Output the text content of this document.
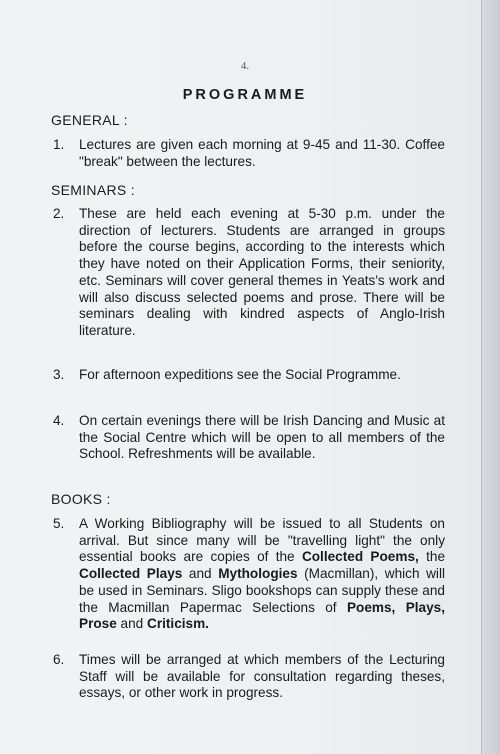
4.
PROGRAMME
GENERAL :
1. Lectures are given each morning at 9-45 and 11-30. Coffee "break" between the lectures.
SEMINARS :
2. These are held each evening at 5-30 p.m. under the direction of lecturers. Students are arranged in groups before the course begins, according to the interests which they have noted on their Application Forms, their seniority, etc. Seminars will cover general themes in Yeats's work and will also discuss selected poems and prose. There will be seminars dealing with kindred aspects of Anglo-Irish literature.
3. For afternoon expeditions see the Social Programme.
4. On certain evenings there will be Irish Dancing and Music at the Social Centre which will be open to all members of the School. Refreshments will be available.
BOOKS :
5. A Working Bibliography will be issued to all Students on arrival. But since many will be "travelling light" the only essential books are copies of the Collected Poems, the Collected Plays and Mythologies (Macmillan), which will be used in Seminars. Sligo bookshops can supply these and the Macmillan Papermac Selections of Poems, Plays, Prose and Criticism.
6. Times will be arranged at which members of the Lecturing Staff will be available for consultation regarding theses, essays, or other work in progress.
